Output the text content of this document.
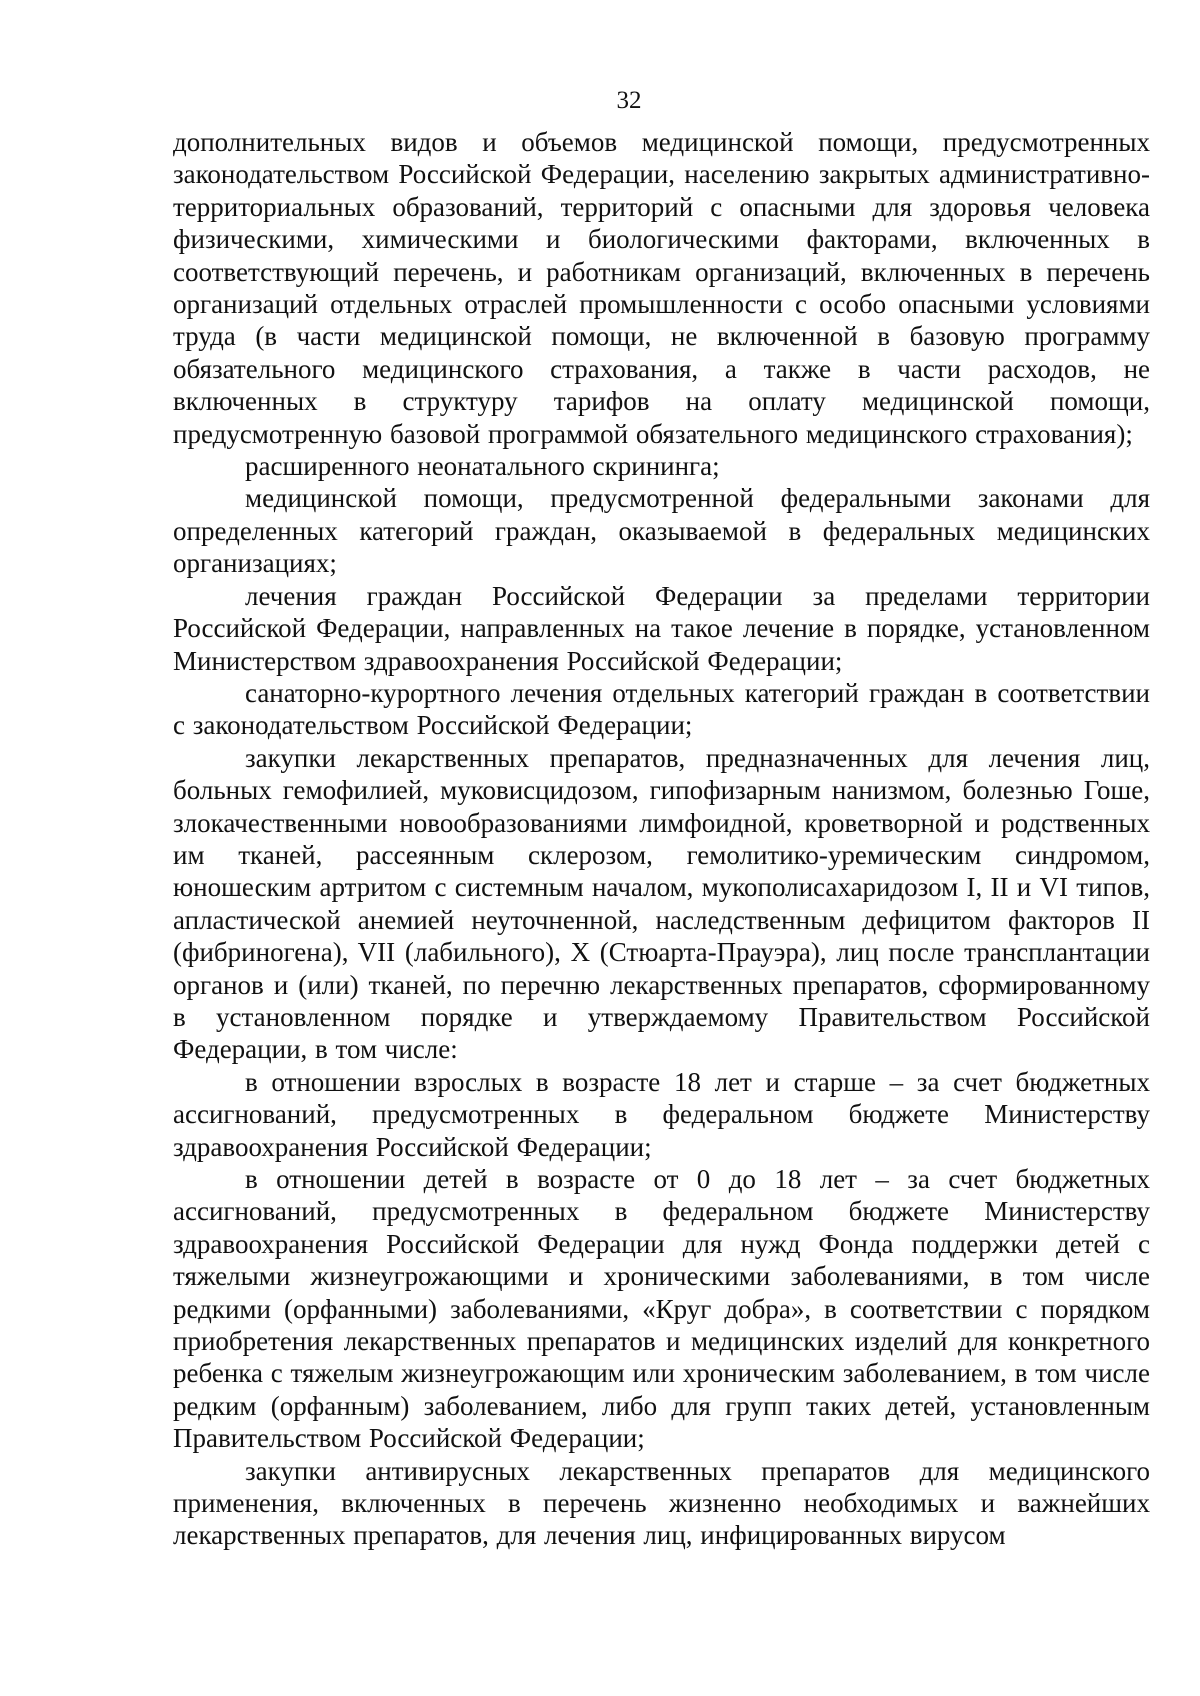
32

дополнительных видов и объемов медицинской помощи, предусмотренных законодательством Российской Федерации, населению закрытых административно-территориальных образований, территорий с опасными для здоровья человека физическими, химическими и биологическими факторами, включенных в соответствующий перечень, и работникам организаций, включенных в перечень организаций отдельных отраслей промышленности с особо опасными условиями труда (в части медицинской помощи, не включенной в базовую программу обязательного медицинского страхования, а также в части расходов, не включенных в структуру тарифов на оплату медицинской помощи, предусмотренную базовой программой обязательного медицинского страхования);

расширенного неонатального скрининга;

медицинской помощи, предусмотренной федеральными законами для определенных категорий граждан, оказываемой в федеральных медицинских организациях;

лечения граждан Российской Федерации за пределами территории Российской Федерации, направленных на такое лечение в порядке, установленном Министерством здравоохранения Российской Федерации;

санаторно-курортного лечения отдельных категорий граждан в соответствии с законодательством Российской Федерации;

закупки лекарственных препаратов, предназначенных для лечения лиц, больных гемофилией, муковисцидозом, гипофизарным нанизмом, болезнью Гоше, злокачественными новообразованиями лимфоидной, кроветворной и родственных им тканей, рассеянным склерозом, гемолитико-уремическим синдромом, юношеским артритом с системным началом, мукополисахаридозом I, II и VI типов, апластической анемией неуточненной, наследственным дефицитом факторов II (фибриногена), VII (лабильного), X (Стюарта-Прауэра), лиц после трансплантации органов и (или) тканей, по перечню лекарственных препаратов, сформированному в установленном порядке и утверждаемому Правительством Российской Федерации, в том числе:

в отношении взрослых в возрасте 18 лет и старше – за счет бюджетных ассигнований, предусмотренных в федеральном бюджете Министерству здравоохранения Российской Федерации;

в отношении детей в возрасте от 0 до 18 лет – за счет бюджетных ассигнований, предусмотренных в федеральном бюджете Министерству здравоохранения Российской Федерации для нужд Фонда поддержки детей с тяжелыми жизнеугрожающими и хроническими заболеваниями, в том числе редкими (орфанными) заболеваниями, «Круг добра», в соответствии с порядком приобретения лекарственных препаратов и медицинских изделий для конкретного ребенка с тяжелым жизнеугрожающим или хроническим заболеванием, в том числе редким (орфанным) заболеванием, либо для групп таких детей, установленным Правительством Российской Федерации;

закупки антивирусных лекарственных препаратов для медицинского применения, включенных в перечень жизненно необходимых и важнейших лекарственных препаратов, для лечения лиц, инфицированных вирусом
